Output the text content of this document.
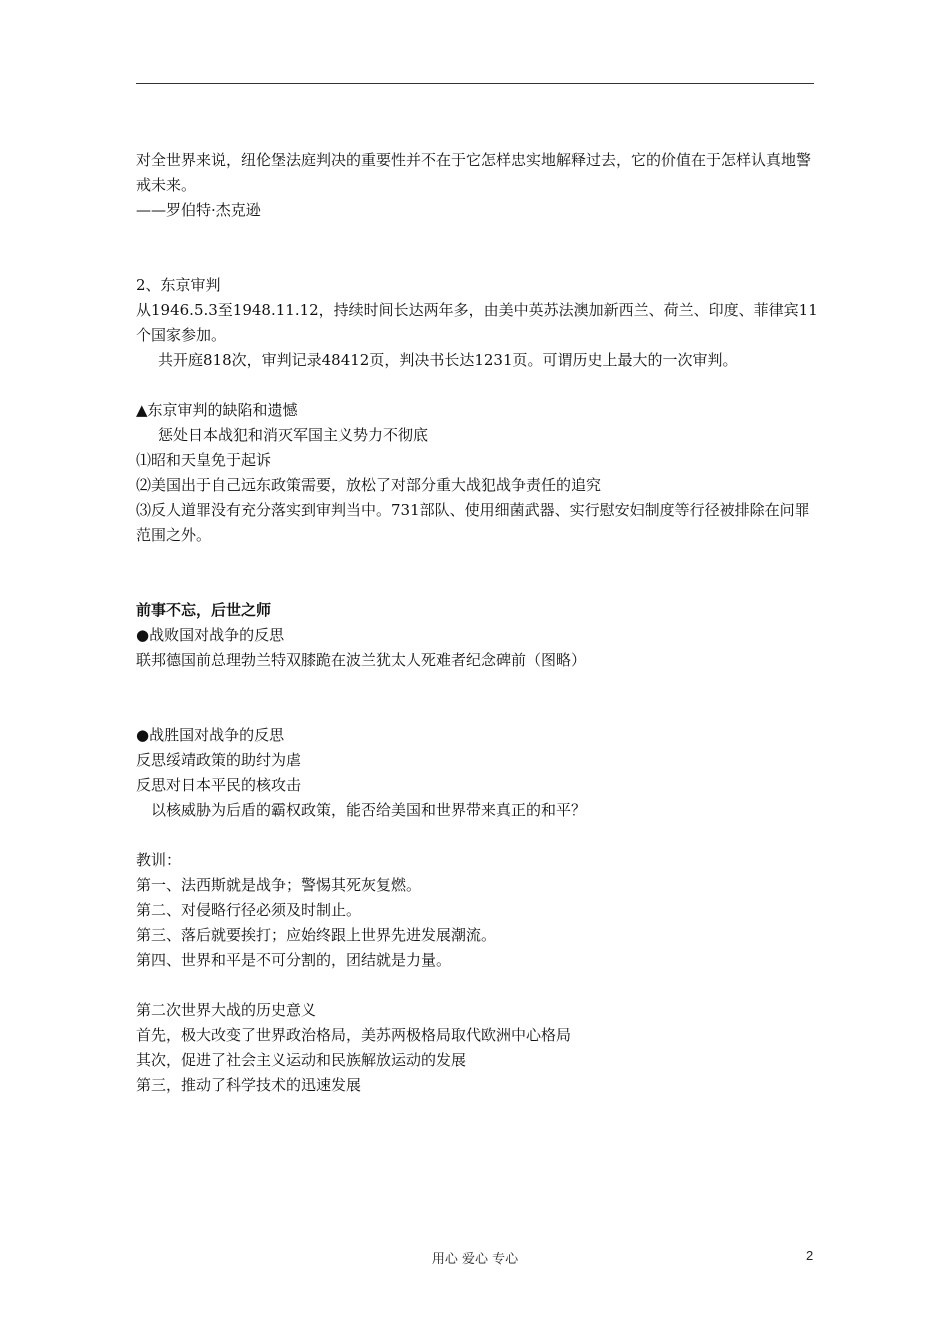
对全世界来说，纽伦堡法庭判决的重要性并不在于它怎样忠实地解释过去，它的价值在于怎样认真地警戒未来。
——罗伯特·杰克逊
2、东京审判
从1946.5.3至1948.11.12，持续时间长达两年多，由美中英苏法澳加新西兰、荷兰、印度、菲律宾11个国家参加。
共开庭818次，审判记录48412页，判决书长达1231页。可谓历史上最大的一次审判。
▲东京审判的缺陷和遗憾
惩处日本战犯和消灭军国主义势力不彻底
⑴昭和天皇免于起诉
⑵美国出于自己远东政策需要，放松了对部分重大战犯战争责任的追究
⑶反人道罪没有充分落实到审判当中。731部队、使用细菌武器、实行慰安妇制度等行径被排除在问罪范围之外。
前事不忘，后世之师
●战败国对战争的反思
联邦德国前总理勃兰特双膝跪在波兰犹太人死难者纪念碑前（图略）
●战胜国对战争的反思
反思绥靖政策的助纣为虐
反思对日本平民的核攻击
以核威胁为后盾的霸权政策，能否给美国和世界带来真正的和平？
教训：
第一、法西斯就是战争；警惕其死灰复燃。
第二、对侵略行径必须及时制止。
第三、落后就要挨打；应始终跟上世界先进发展潮流。
第四、世界和平是不可分割的，团结就是力量。
第二次世界大战的历史意义
首先，极大改变了世界政治格局，美苏两极格局取代欧洲中心格局
其次，促进了社会主义运动和民族解放运动的发展
第三，推动了科学技术的迅速发展
用心 爱心 专心	2
